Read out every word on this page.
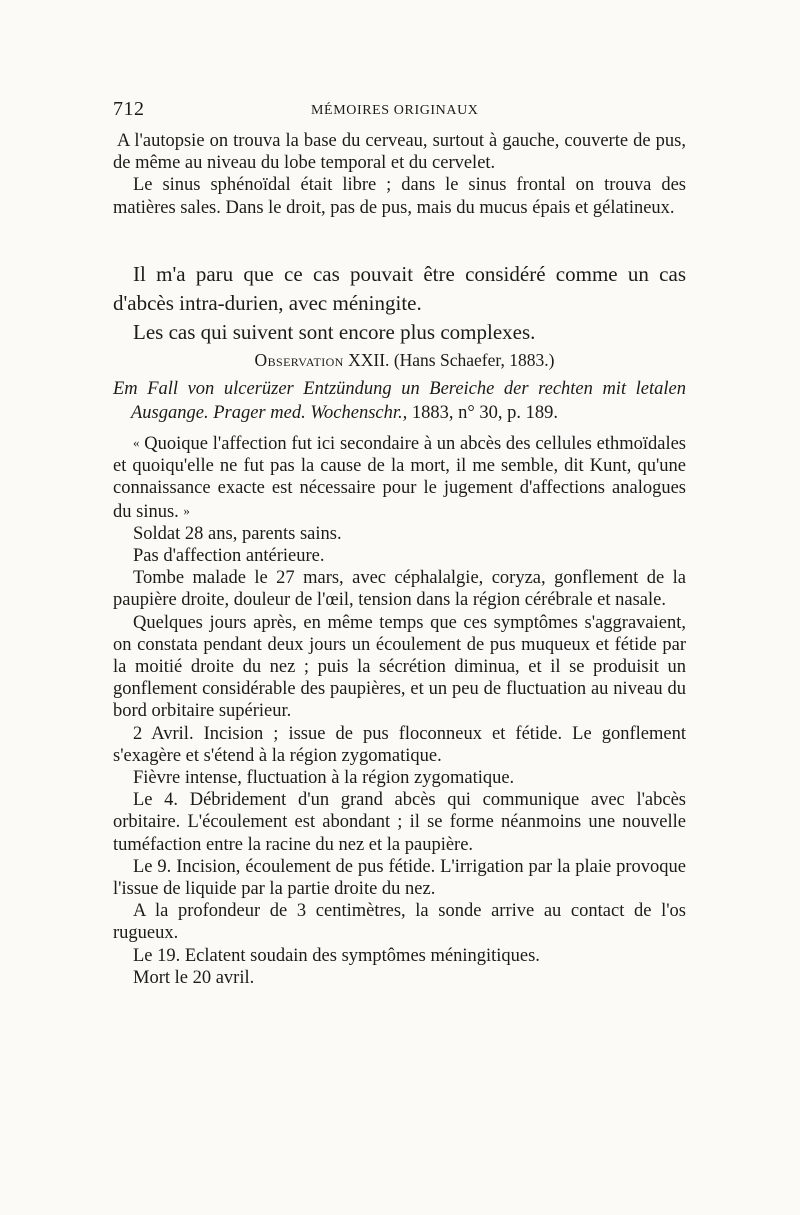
712	MÉMOIRES ORIGINAUX

A l'autopsie on trouva la base du cerveau, surtout à gauche, couverte de pus, de même au niveau du lobe temporal et du cervelet.

Le sinus sphénoïdal était libre ; dans le sinus frontal on trouva des matières sales. Dans le droit, pas de pus, mais du mucus épais et gélatineux.

Il m'a paru que ce cas pouvait être considéré comme un cas d'abcès intra-durien, avec méningite.

Les cas qui suivent sont encore plus complexes.

Observation XXII. (Hans Schaefer, 1883.)

Em Fall von ulcerüzer Entzündung un Bereiche der rechten mit letalen Ausgange. Prager med. Wochenschr., 1883, n° 30, p. 189.

« Quoique l'affection fut ici secondaire à un abcès des cellules ethmoïdales et quoiqu'elle ne fut pas la cause de la mort, il me semble, dit Kunt, qu'une connaissance exacte est nécessaire pour le jugement d'affections analogues du sinus. »

Soldat 28 ans, parents sains.

Pas d'affection antérieure.

Tombe malade le 27 mars, avec céphalalgie, coryza, gonflement de la paupière droite, douleur de l'œil, tension dans la région cérébrale et nasale.

Quelques jours après, en même temps que ces symptômes s'aggravaient, on constata pendant deux jours un écoulement de pus muqueux et fétide par la moitié droite du nez ; puis la sécrétion diminua, et il se produisit un gonflement considérable des paupières, et un peu de fluctuation au niveau du bord orbitaire supérieur.

2 Avril. Incision ; issue de pus floconneux et fétide. Le gonflement s'exagère et s'étend à la région zygomatique.

Fièvre intense, fluctuation à la région zygomatique.

Le 4. Débridement d'un grand abcès qui communique avec l'abcès orbitaire. L'écoulement est abondant ; il se forme néanmoins une nouvelle tuméfaction entre la racine du nez et la paupière.

Le 9. Incision, écoulement de pus fétide. L'irrigation par la plaie provoque l'issue de liquide par la partie droite du nez.

A la profondeur de 3 centimètres, la sonde arrive au contact de l'os rugueux.

Le 19. Eclatent soudain des symptômes méningitiques.

Mort le 20 avril.
